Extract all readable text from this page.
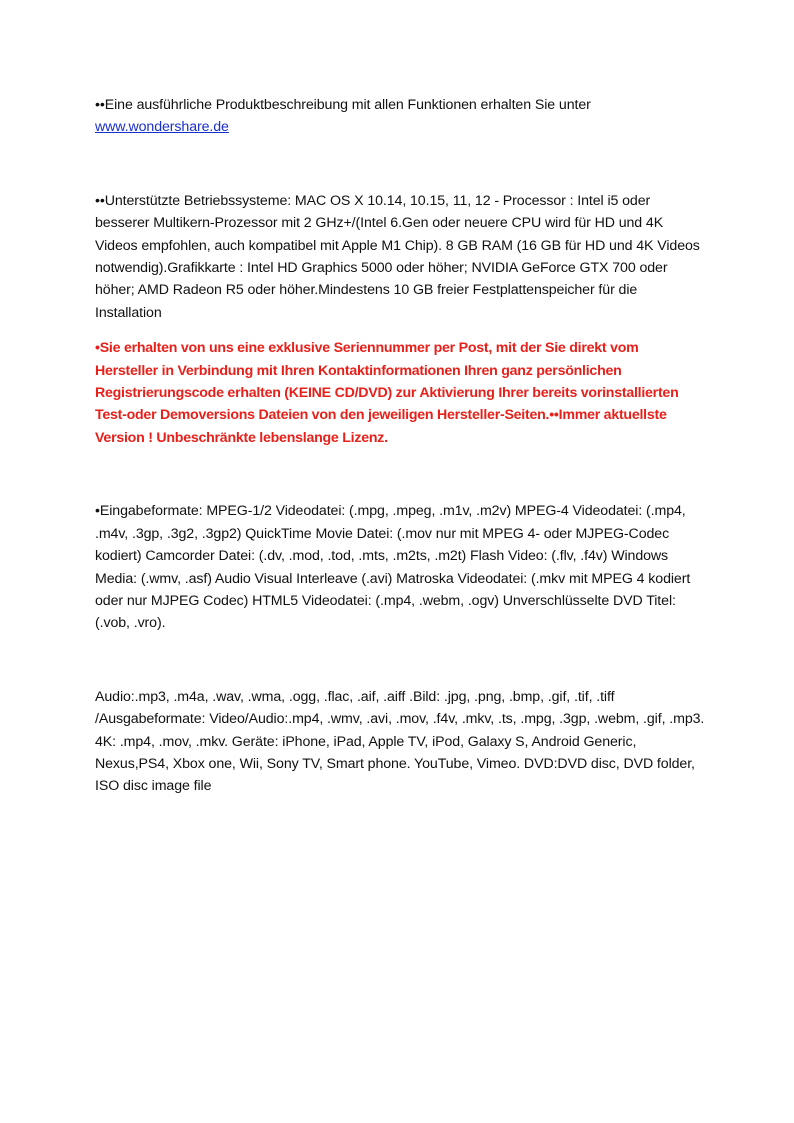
••Eine ausführliche Produktbeschreibung mit allen Funktionen erhalten Sie unter
www.wondershare.de

••Unterstützte Betriebssysteme: MAC OS X 10.14, 10.15, 11, 12 - Processor : Intel i5 oder besserer Multikern-Prozessor mit 2 GHz+/(Intel 6.Gen oder neuere CPU wird für HD und 4K Videos empfohlen, auch kompatibel mit Apple M1 Chip). 8 GB RAM (16 GB für HD und 4K Videos notwendig).Grafikkarte : Intel HD Graphics 5000 oder höher; NVIDIA GeForce GTX 700 oder höher; AMD Radeon R5 oder höher.Mindestens 10 GB freier Festplattenspeicher für die Installation

•Sie erhalten von uns eine exklusive Seriennummer per Post, mit der Sie direkt vom Hersteller in Verbindung mit Ihren Kontaktinformationen Ihren ganz persönlichen Registrierungscode erhalten (KEINE CD/DVD) zur Aktivierung Ihrer bereits vorinstallierten Test-oder Demoversions Dateien von den jeweiligen Hersteller-Seiten.••Immer aktuellste Version ! Unbeschränkte lebenslange Lizenz.

•Eingabeformate: MPEG-1/2 Videodatei: (.mpg, .mpeg, .m1v, .m2v) MPEG-4 Videodatei: (.mp4, .m4v, .3gp, .3g2, .3gp2) QuickTime Movie Datei: (.mov nur mit MPEG 4- oder MJPEG-Codec kodiert) Camcorder Datei: (.dv, .mod, .tod, .mts, .m2ts, .m2t) Flash Video: (.flv, .f4v) Windows Media: (.wmv, .asf) Audio Visual Interleave (.avi) Matroska Videodatei: (.mkv mit MPEG 4 kodiert oder nur MJPEG Codec) HTML5 Videodatei: (.mp4, .webm, .ogv) Unverschlüsselte DVD Titel: (.vob, .vro).

Audio:.mp3, .m4a, .wav, .wma, .ogg, .flac, .aif, .aiff .Bild: .jpg, .png, .bmp, .gif, .tif, .tiff /Ausgabeformate: Video/Audio:.mp4, .wmv, .avi, .mov, .f4v, .mkv, .ts, .mpg, .3gp, .webm, .gif, .mp3. 4K: .mp4, .mov, .mkv. Geräte: iPhone, iPad, Apple TV, iPod, Galaxy S, Android Generic, Nexus,PS4, Xbox one, Wii, Sony TV, Smart phone. YouTube, Vimeo. DVD:DVD disc, DVD folder, ISO disc image file
